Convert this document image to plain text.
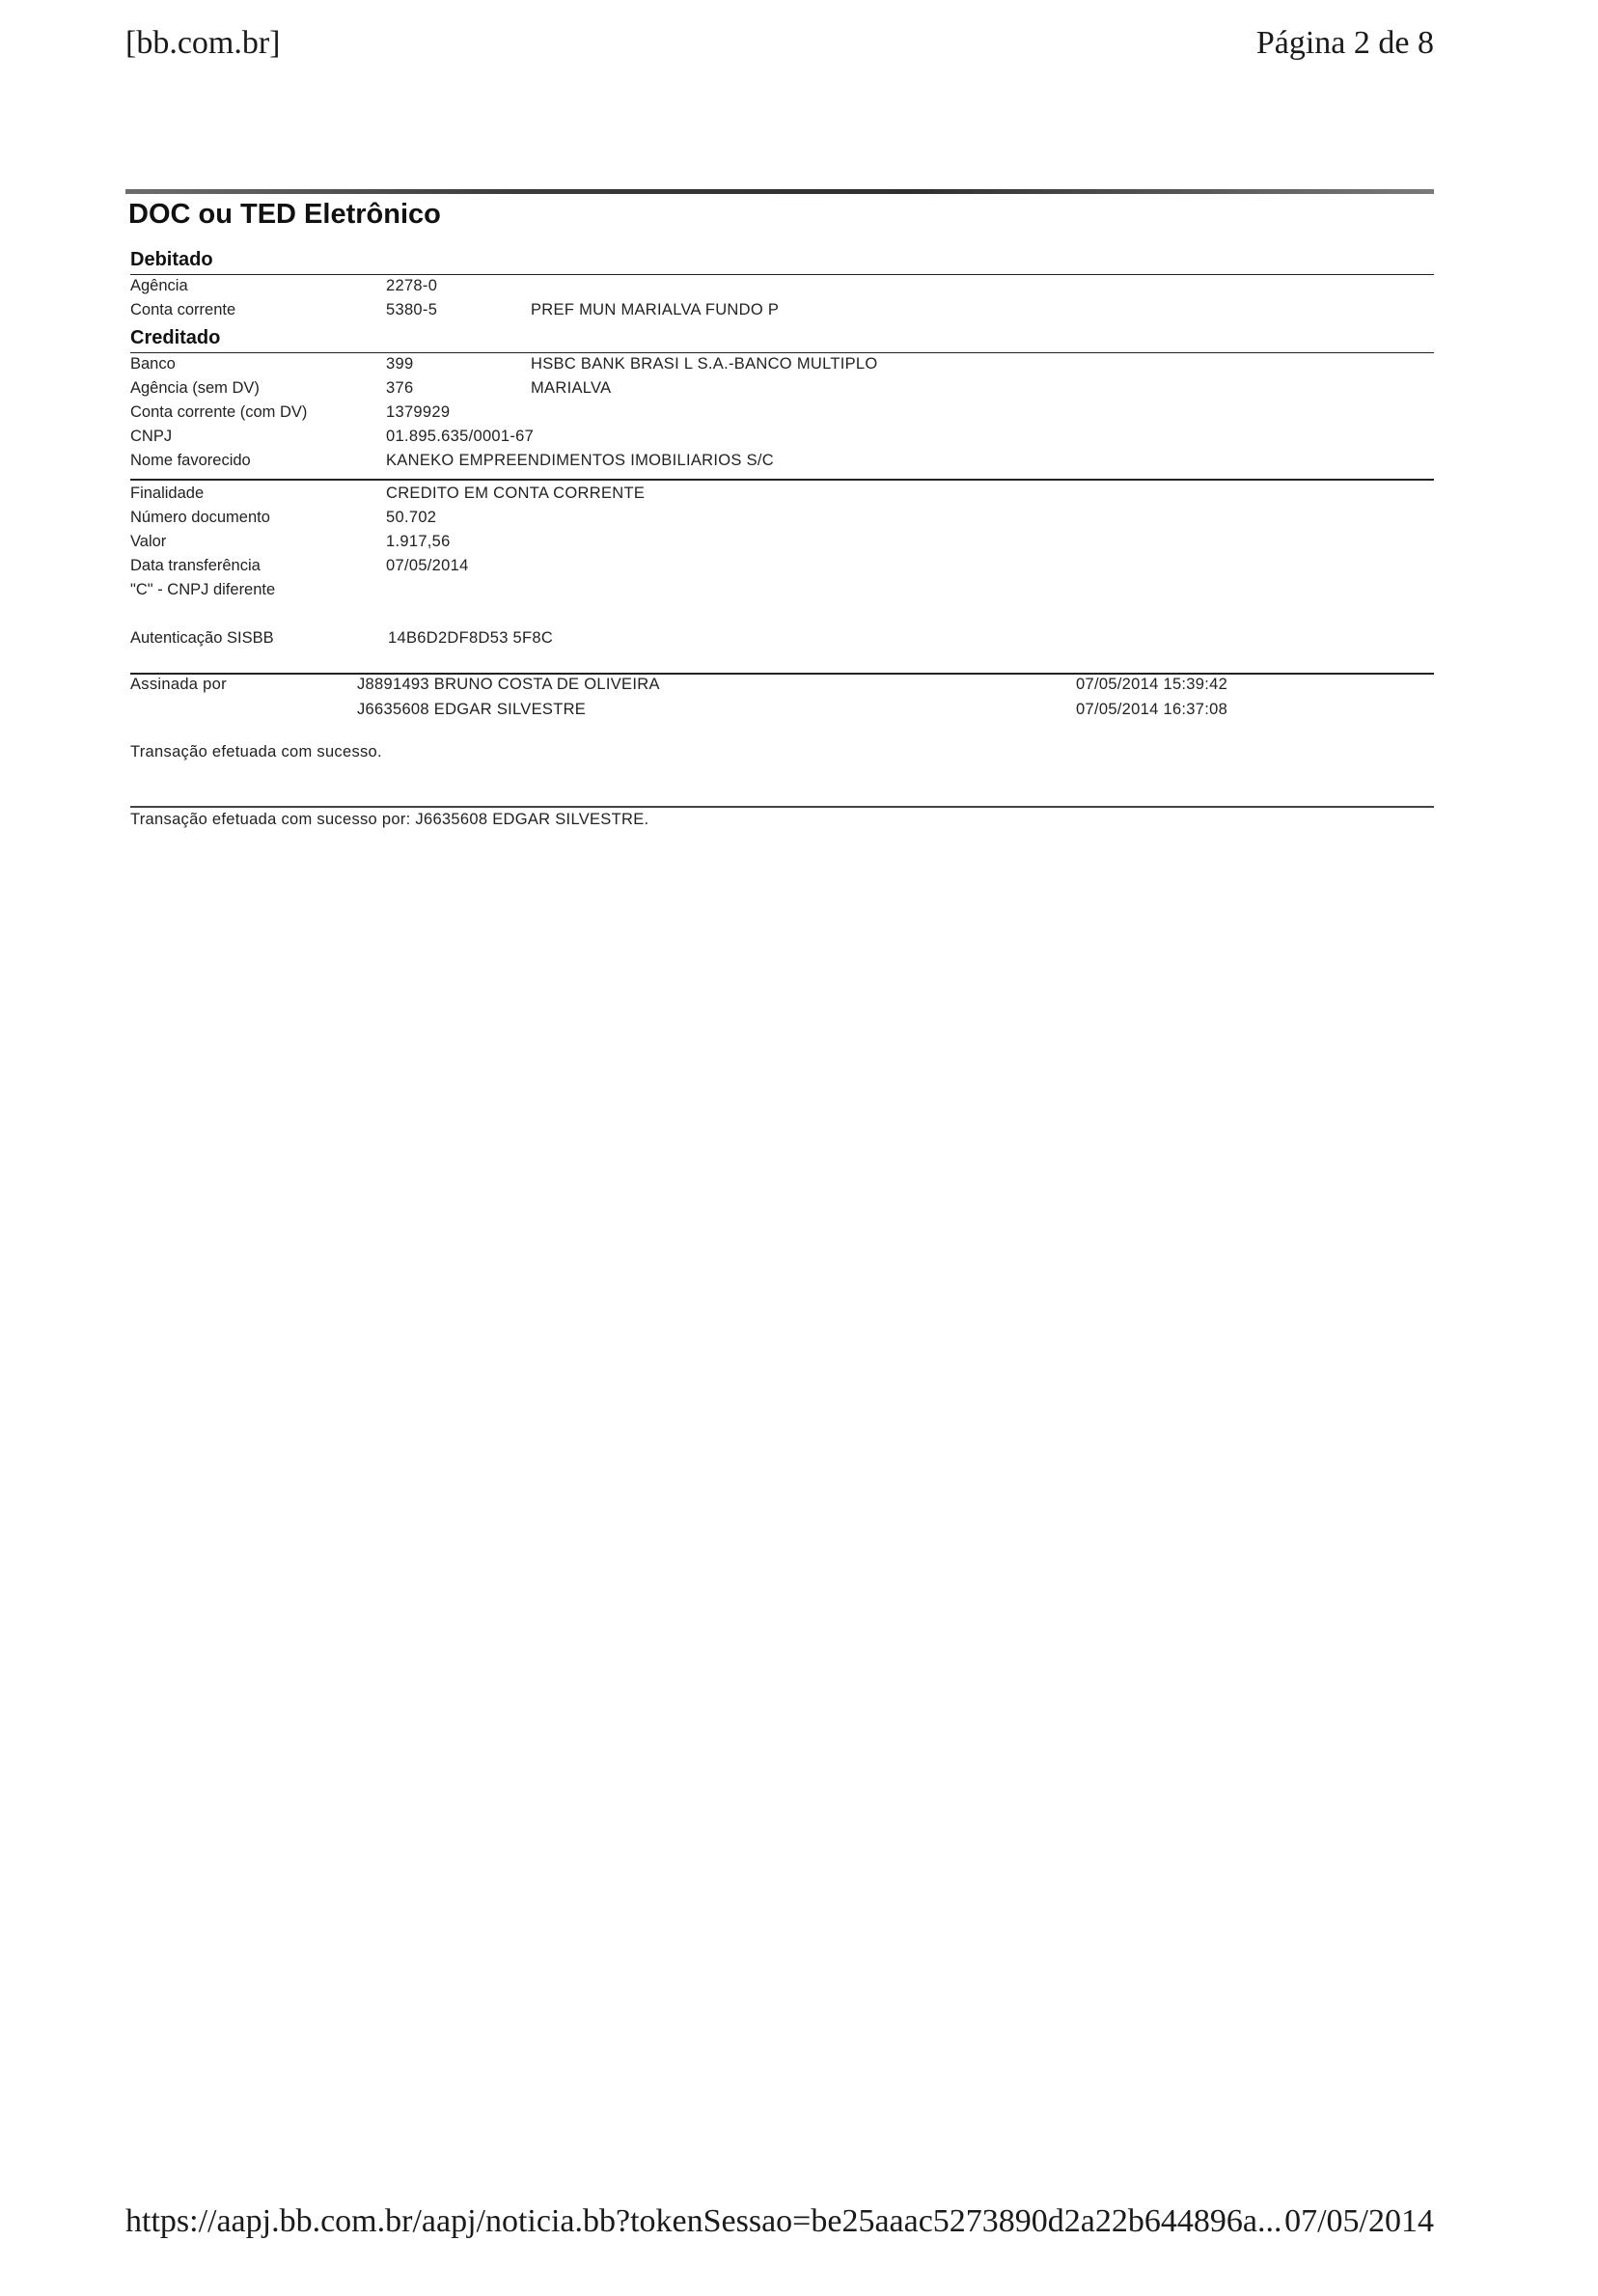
[bb.com.br]	Página 2 de 8
DOC ou TED Eletrônico
Debitado
Agência	2278-0
Conta corrente	5380-5	PREF MUN MARIALVA FUNDO P
Creditado
Banco	399	HSBC BANK BRASI L S.A.-BANCO MULTIPLO
Agência (sem DV)	376	MARIALVA
Conta corrente (com DV)	1379929
CNPJ	01.895.635/0001-67
Nome favorecido	KANEKO EMPREENDIMENTOS IMOBILIARIOS S/C
Finalidade	CREDITO EM CONTA CORRENTE
Número documento	50.702
Valor	1.917,56
Data transferência	07/05/2014
"C" - CNPJ diferente
Autenticação SISBB	14B6D2DF8D53 5F8C
Assinada por	J8891493 BRUNO COSTA DE OLIVEIRA	07/05/2014 15:39:42
J6635608 EDGAR SILVESTRE	07/05/2014 16:37:08
Transação efetuada com sucesso.
Transação efetuada com sucesso por: J6635608 EDGAR SILVESTRE.
https://aapj.bb.com.br/aapj/noticia.bb?tokenSessao=be25aaac5273890d2a22b644896a... 07/05/2014
